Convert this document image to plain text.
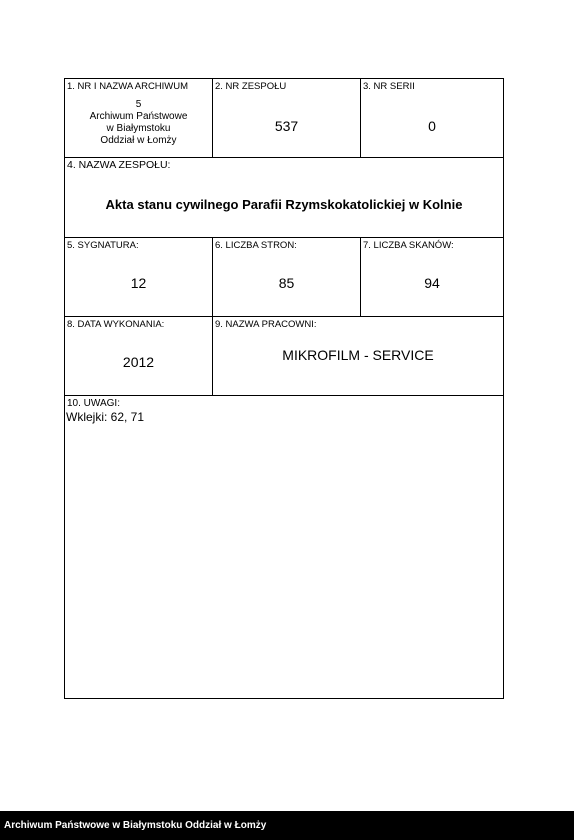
1. NR I NAZWA ARCHIWUM
5
Archiwum Państwowe
w Białymstoku
Oddział w Łomży
2. NR ZESPOŁU
537
3. NR SERII
0
4. NAZWA ZESPOŁU:
Akta stanu cywilnego Parafii Rzymskokatolickiej w Kolnie
5. SYGNATURA:
12
6. LICZBA STRON:
85
7. LICZBA SKANÓW:
94
8. DATA WYKONANIA:
2012
9. NAZWA PRACOWNI:
MIKROFILM - SERVICE
10. UWAGI:
Wklejki: 62, 71
Archiwum Państwowe w Białymstoku Oddział w Łomży
